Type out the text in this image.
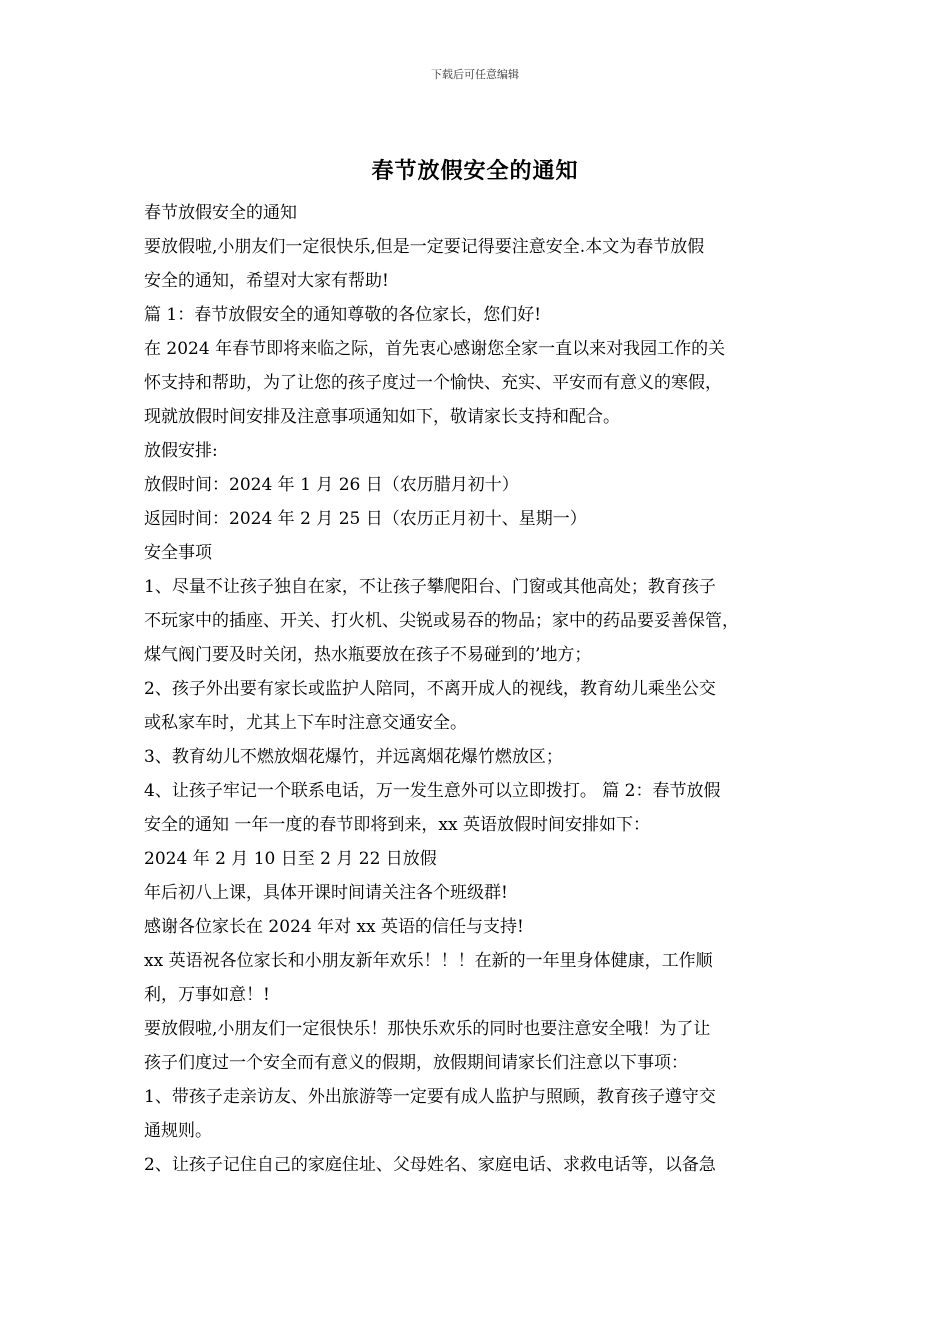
下载后可任意编辑
春节放假安全的通知
春节放假安全的通知
要放假啦,小朋友们一定很快乐,但是一定要记得要注意安全.本文为春节放假
安全的通知，希望对大家有帮助!
篇 1：春节放假安全的通知尊敬的各位家长，您们好!
在 2024 年春节即将来临之际，首先衷心感谢您全家一直以来对我园工作的关
怀支持和帮助，为了让您的孩子度过一个愉快、充实、平安而有意义的寒假，
现就放假时间安排及注意事项通知如下，敬请家长支持和配合。
放假安排:
放假时间：2024 年 1 月 26 日（农历腊月初十）
返园时间：2024 年 2 月 25 日（农历正月初十、星期一）
安全事项
1、尽量不让孩子独自在家，不让孩子攀爬阳台、门窗或其他高处；教育孩子
不玩家中的插座、开关、打火机、尖锐或易吞的物品；家中的药品要妥善保管，
煤气阀门要及时关闭，热水瓶要放在孩子不易碰到的’地方；
2、孩子外出要有家长或监护人陪同，不离开成人的视线，教育幼儿乘坐公交
或私家车时，尤其上下车时注意交通安全。
3、教育幼儿不燃放烟花爆竹，并远离烟花爆竹燃放区；
4、让孩子牢记一个联系电话，万一发生意外可以立即拨打。 篇 2：春节放假
安全的通知 一年一度的春节即将到来，xx 英语放假时间安排如下：
2024 年 2 月 10 日至 2 月 22 日放假
年后初八上课，具体开课时间请关注各个班级群!
感谢各位家长在 2024 年对 xx 英语的信任与支持!
xx 英语祝各位家长和小朋友新年欢乐！！！在新的一年里身体健康，工作顺
利，万事如意！!
要放假啦,小朋友们一定很快乐！那快乐欢乐的同时也要注意安全哦！为了让
孩子们度过一个安全而有意义的假期，放假期间请家长们注意以下事项：
1、带孩子走亲访友、外出旅游等一定要有成人监护与照顾，教育孩子遵守交
通规则。
2、让孩子记住自己的家庭住址、父母姓名、家庭电话、求救电话等，以备急
